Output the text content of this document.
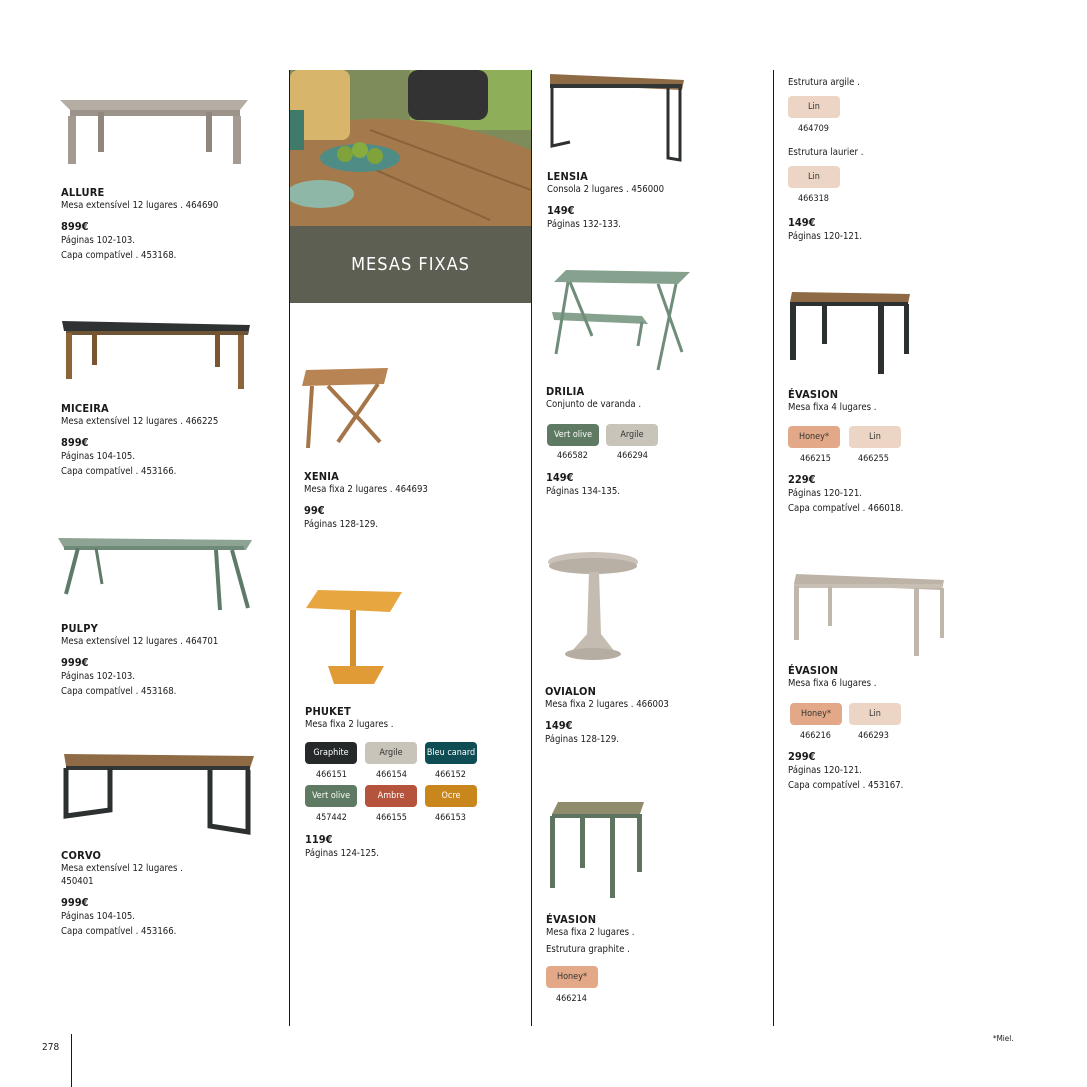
278
*Miel.
ALLURE
Mesa extensível 12 lugares . 464690
899€
Páginas 102-103.
Capa compatível . 453168.
MICEIRA
Mesa extensível 12 lugares . 466225
899€
Páginas 104-105.
Capa compatível . 453166.
PULPY
Mesa extensível 12 lugares . 464701
999€
Páginas 102-103.
Capa compatível . 453168.
CORVO
Mesa extensível 12 lugares .
450401
999€
Páginas 104-105.
Capa compatível . 453166.
MESAS FIXAS
XENIA
Mesa fixa 2 lugares . 464693
99€
Páginas 128-129.
PHUKET
Mesa fixa 2 lugares .
Graphite	Argile	Bleu canard
466151	466154	466152
Vert olive	Ambre	Ocre
457442	466155	466153
119€
Páginas 124-125.
LENSIA
Consola 2 lugares . 456000
149€
Páginas 132-133.
DRILIA
Conjunto de varanda .
Vert olive	Argile
466582	466294
149€
Páginas 134-135.
OVIALON
Mesa fixa 2 lugares . 466003
149€
Páginas 128-129.
ÉVASION
Mesa fixa 2 lugares .
Estrutura graphite .
Honey*
466214
Estrutura argile .
Lin
464709
Estrutura laurier .
Lin
466318
149€
Páginas 120-121.
ÉVASION
Mesa fixa 4 lugares .
Honey*	Lin
466215	466255
229€
Páginas 120-121.
Capa compatível . 466018.
ÉVASION
Mesa fixa 6 lugares .
Honey*	Lin
466216	466293
299€
Páginas 120-121.
Capa compatível . 453167.
